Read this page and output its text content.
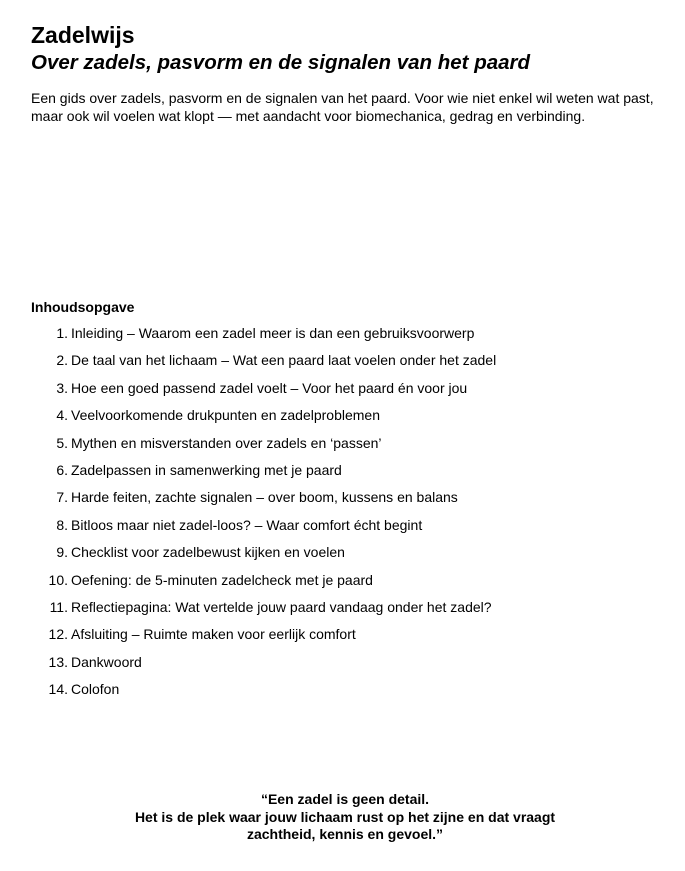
Zadelwijs
Over zadels, pasvorm en de signalen van het paard

Een gids over zadels, pasvorm en de signalen van het paard. Voor wie niet enkel wil weten wat past, maar ook wil voelen wat klopt — met aandacht voor biomechanica, gedrag en verbinding.

Inhoudsopgave
1. Inleiding – Waarom een zadel meer is dan een gebruiksvoorwerp
2. De taal van het lichaam – Wat een paard laat voelen onder het zadel
3. Hoe een goed passend zadel voelt – Voor het paard én voor jou
4. Veelvoorkomende drukpunten en zadelproblemen
5. Mythen en misverstanden over zadels en ‘passen’
6. Zadelpassen in samenwerking met je paard
7. Harde feiten, zachte signalen – over boom, kussens en balans
8. Bitloos maar niet zadel-loos? – Waar comfort écht begint
9. Checklist voor zadelbewust kijken en voelen
10. Oefening: de 5-minuten zadelcheck met je paard
11. Reflectiepagina: Wat vertelde jouw paard vandaag onder het zadel?
12. Afsluiting – Ruimte maken voor eerlijk comfort
13. Dankwoord
14. Colofon
“Een zadel is geen detail.
Het is de plek waar jouw lichaam rust op het zijne en dat vraagt
zachtheid, kennis en gevoel.”
